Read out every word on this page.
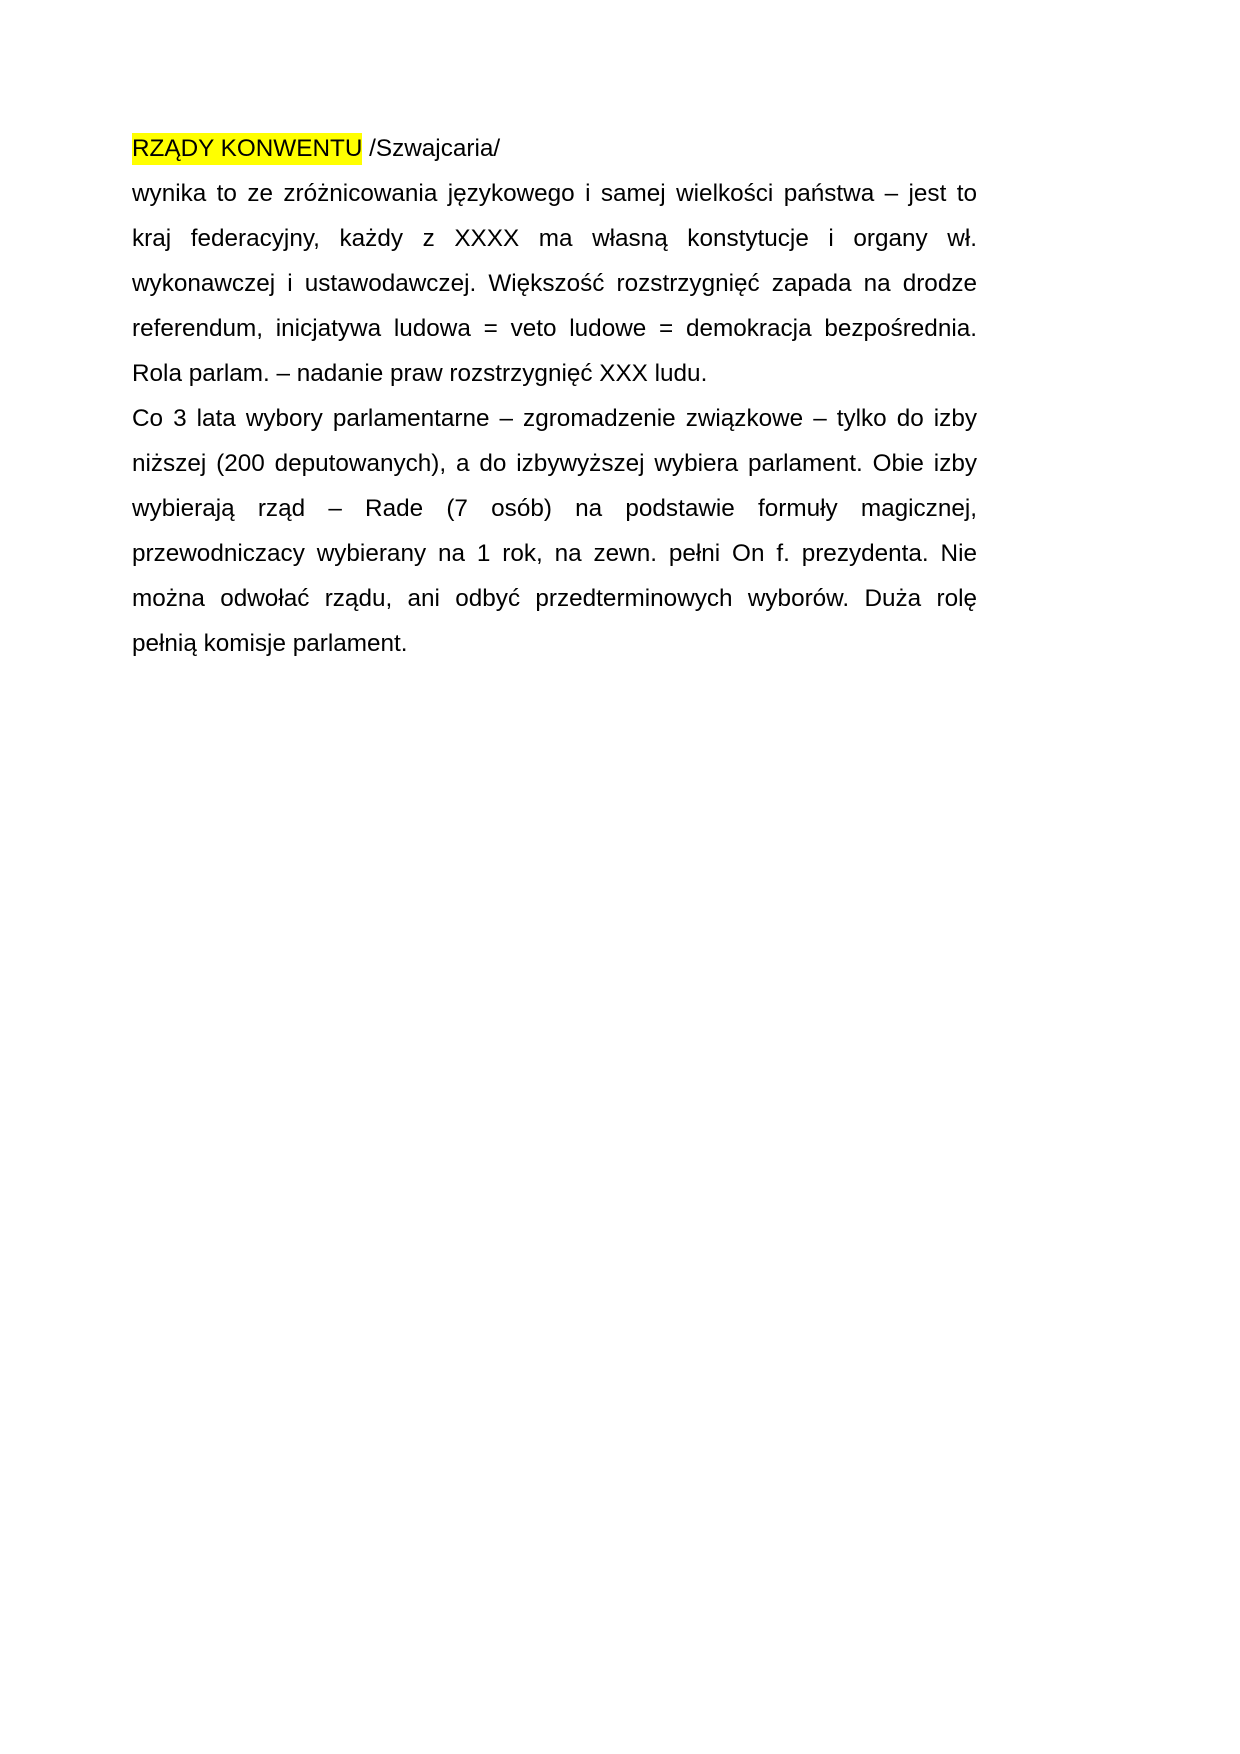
RZĄDY KONWENTU /Szwajcaria/

wynika to ze zróżnicowania językowego i samej wielkości państwa – jest to kraj federacyjny, każdy z XXXX ma własną konstytucje i organy wł. wykonawczej i ustawodawczej. Większość rozstrzygnięć zapada na drodze referendum, inicjatywa ludowa = veto ludowe = demokracja bezpośrednia. Rola parlam. – nadanie praw rozstrzygnięć XXX ludu.

Co 3 lata wybory parlamentarne – zgromadzenie związkowe – tylko do izby niższej (200 deputowanych), a do izbywyższej wybiera parlament. Obie izby wybierają rząd – Rade (7 osób) na podstawie formuły magicznej, przewodniczacy wybierany na 1 rok, na zewn. pełni On f. prezydenta. Nie można odwołać rządu, ani odbyć przedterminowych wyborów. Duża rolę pełnią komisje parlament.
